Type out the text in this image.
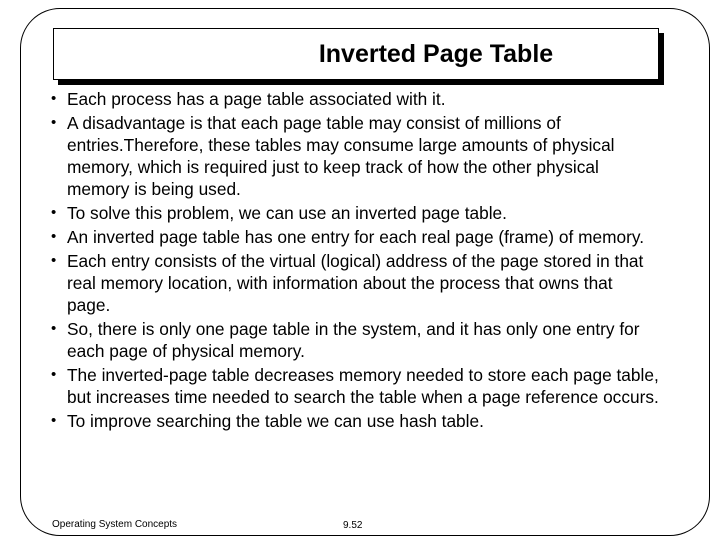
Inverted Page Table
• Each process has a page table associated with it.
• A disadvantage is that each page table may consist of millions of entries.Therefore, these tables may consume large amounts of physical memory, which is required just to keep track of how the other physical memory is being used.
• To solve this problem, we can use an inverted page table.
• An inverted page table has one entry for each real page (frame) of memory.
• Each entry consists of the virtual (logical) address of the page stored in that real memory location, with information about the process that owns that page.
• So, there is only one page table in the system, and it has only one entry for each page of physical memory.
• The inverted-page table decreases memory needed to store each page table, but increases time needed to search the table when a page reference occurs.
• To improve searching the table we can use hash table.
Operating System Concepts	9.52
